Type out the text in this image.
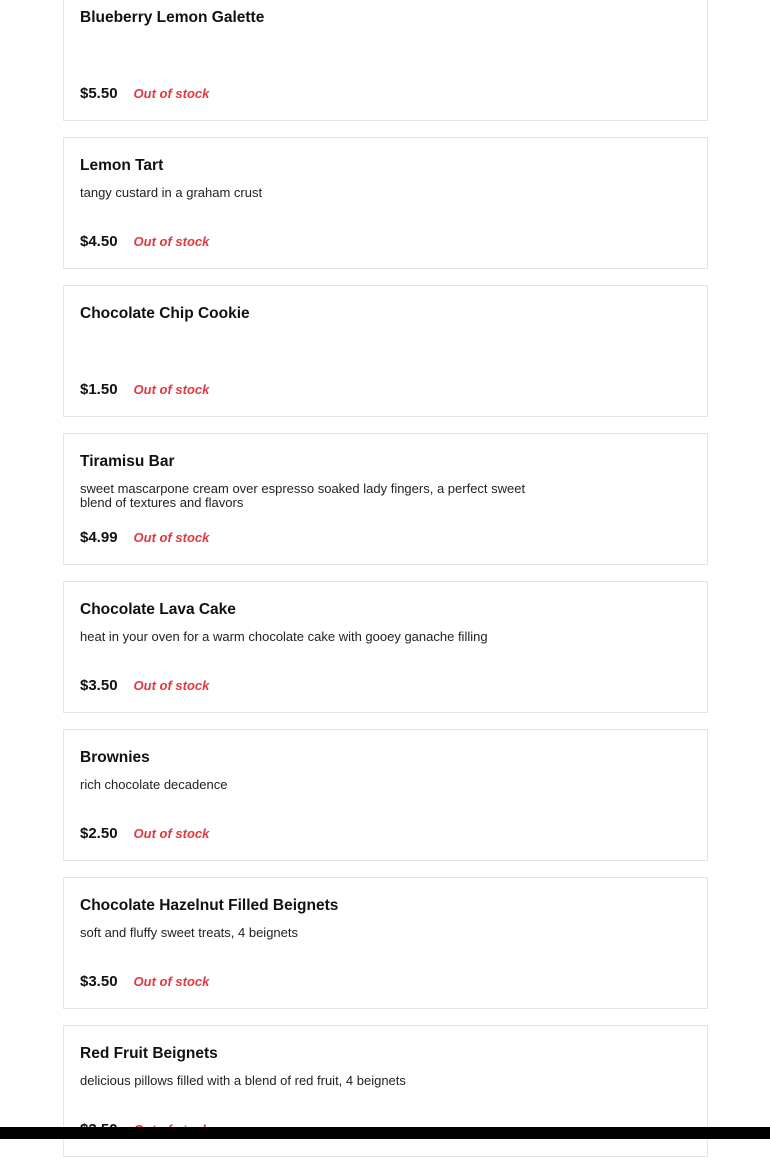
Blueberry Lemon Galette
$5.50 Out of stock
Lemon Tart
tangy custard in a graham crust
$4.50 Out of stock
Chocolate Chip Cookie
$1.50 Out of stock
Tiramisu Bar
sweet mascarpone cream over espresso soaked lady fingers, a perfect sweet blend of textures and flavors
$4.99 Out of stock
Chocolate Lava Cake
heat in your oven for a warm chocolate cake with gooey ganache filling
$3.50 Out of stock
Brownies
rich chocolate decadence
$2.50 Out of stock
Chocolate Hazelnut Filled Beignets
soft and fluffy sweet treats, 4 beignets
$3.50 Out of stock
Red Fruit Beignets
delicious pillows filled with a blend of red fruit, 4 beignets
$3.50 Out of stock
